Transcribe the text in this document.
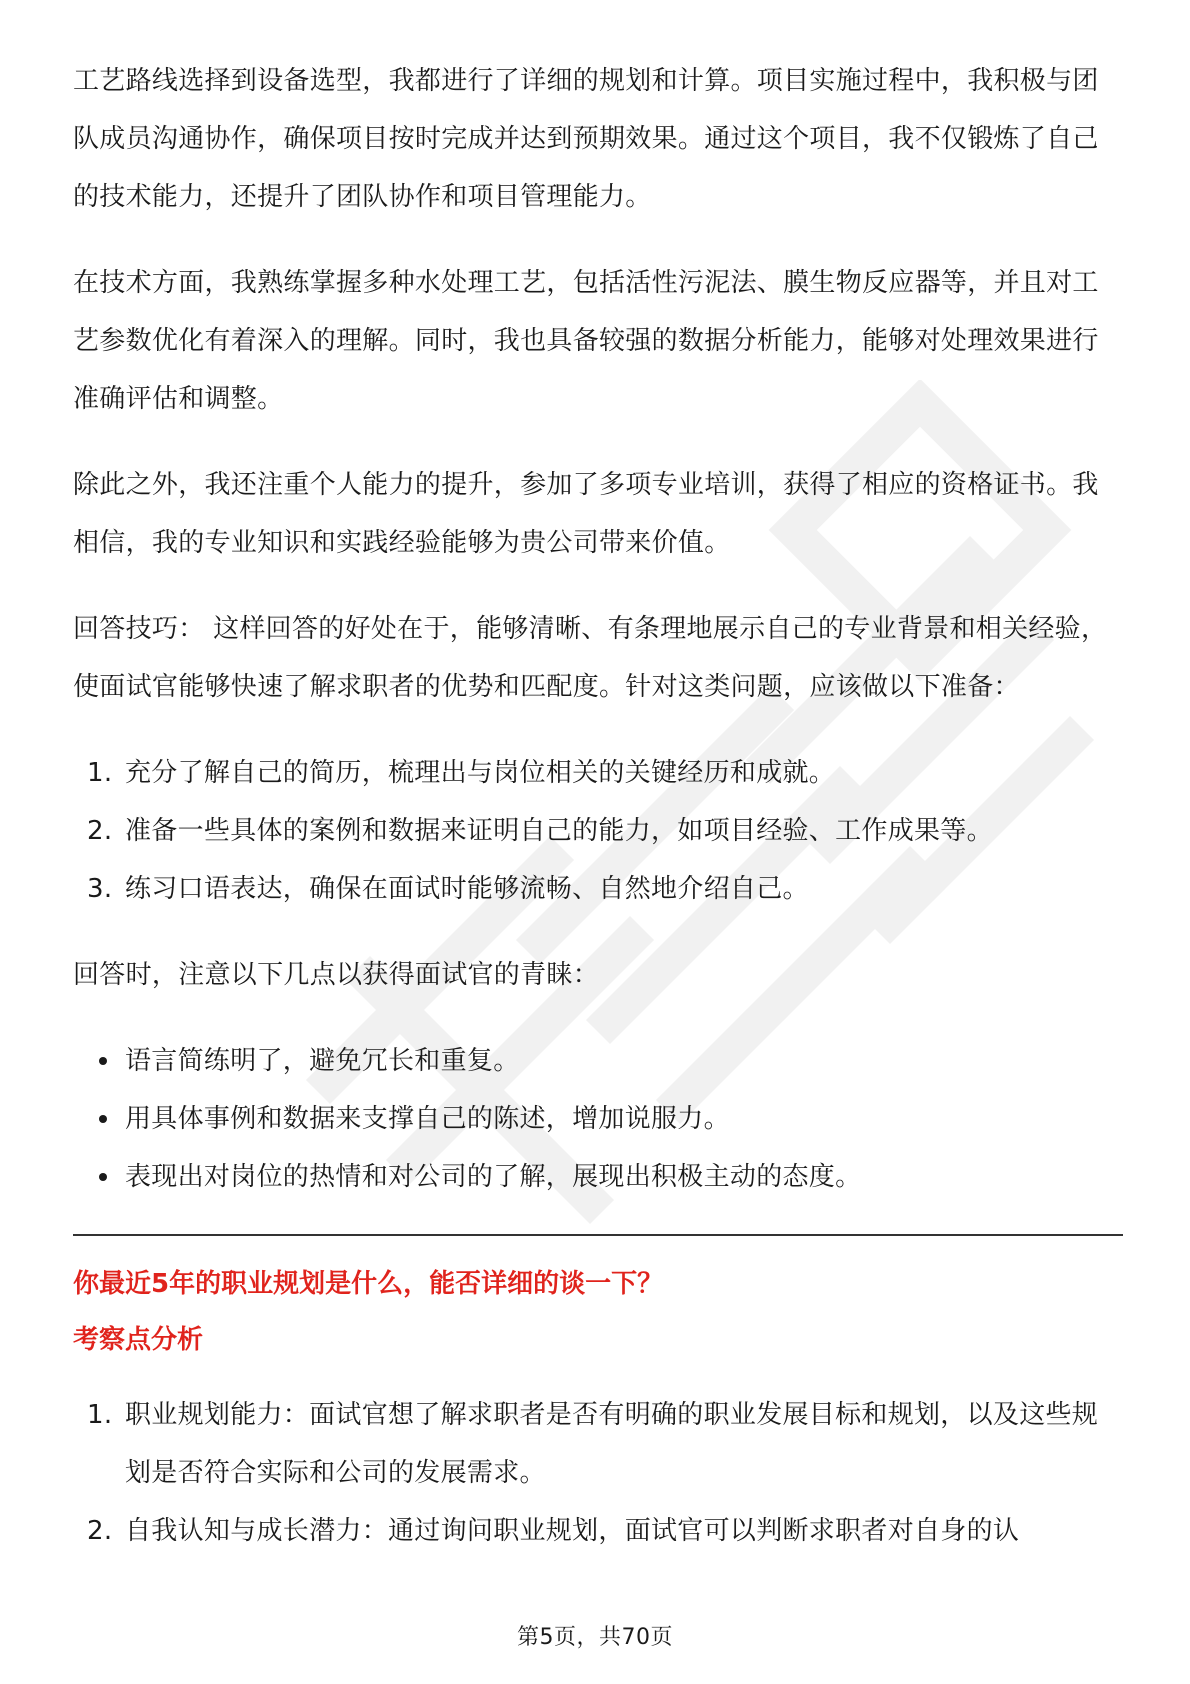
工艺路线选择到设备选型，我都进行了详细的规划和计算。项目实施过程中，我积极与团队成员沟通协作，确保项目按时完成并达到预期效果。通过这个项目，我不仅锻炼了自己的技术能力，还提升了团队协作和项目管理能力。

在技术方面，我熟练掌握多种水处理工艺，包括活性污泥法、膜生物反应器等，并且对工艺参数优化有着深入的理解。同时，我也具备较强的数据分析能力，能够对处理效果进行准确评估和调整。

除此之外，我还注重个人能力的提升，参加了多项专业培训，获得了相应的资格证书。我相信，我的专业知识和实践经验能够为贵公司带来价值。

回答技巧： 这样回答的好处在于，能够清晰、有条理地展示自己的专业背景和相关经验，使面试官能够快速了解求职者的优势和匹配度。针对这类问题，应该做以下准备：

1. 充分了解自己的简历，梳理出与岗位相关的关键经历和成就。
2. 准备一些具体的案例和数据来证明自己的能力，如项目经验、工作成果等。
3. 练习口语表达，确保在面试时能够流畅、自然地介绍自己。

回答时，注意以下几点以获得面试官的青睐：

语言简练明了，避免冗长和重复。
用具体事例和数据来支撑自己的陈述，增加说服力。
表现出对岗位的热情和对公司的了解，展现出积极主动的态度。

你最近5年的职业规划是什么，能否详细的谈一下？

考察点分析

1. 职业规划能力：面试官想了解求职者是否有明确的职业发展目标和规划，以及这些规划是否符合实际和公司的发展需求。
2. 自我认知与成长潜力：通过询问职业规划，面试官可以判断求职者对自身的认
第5页，共70页
